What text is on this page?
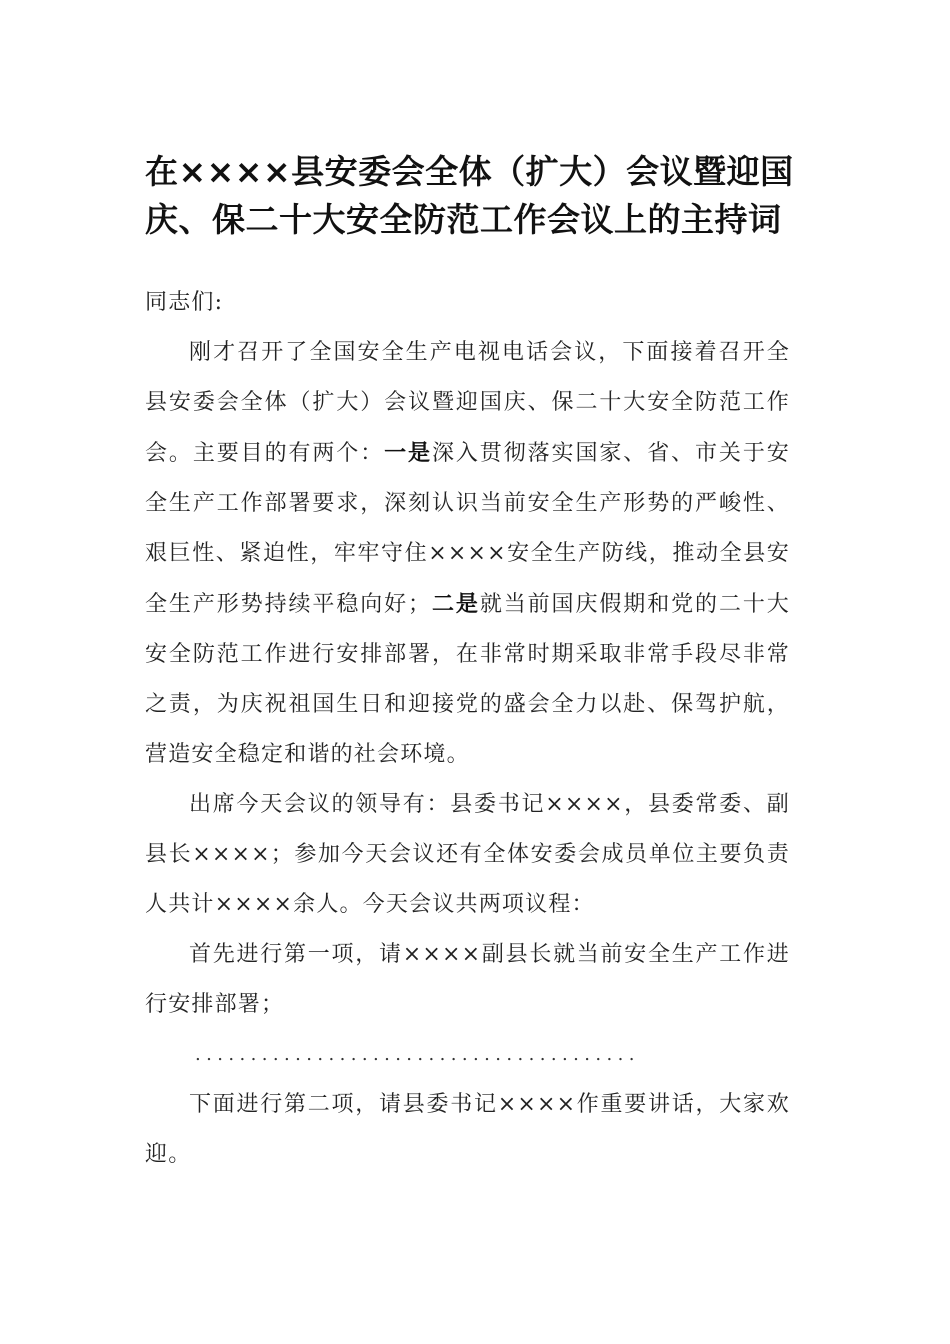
在××××县安委会全体（扩大）会议暨迎国
庆、保二十大安全防范工作会议上的主持词

同志们:

刚才召开了全国安全生产电视电话会议，下面接着召开全县安委会全体（扩大）会议暨迎国庆、保二十大安全防范工作会。主要目的有两个：一是深入贯彻落实国家、省、市关于安全生产工作部署要求，深刻认识当前安全生产形势的严峻性、艰巨性、紧迫性，牢牢守住××××安全生产防线，推动全县安全生产形势持续平稳向好；二是就当前国庆假期和党的二十大安全防范工作进行安排部署，在非常时期采取非常手段尽非常之责，为庆祝祖国生日和迎接党的盛会全力以赴、保驾护航，营造安全稳定和谐的社会环境。

出席今天会议的领导有：县委书记××××，县委常委、副县长××××；参加今天会议还有全体安委会成员单位主要负责人共计××××余人。今天会议共两项议程：

首先进行第一项，请××××副县长就当前安全生产工作进行安排部署；

........................................

下面进行第二项，请县委书记××××作重要讲话，大家欢迎。
